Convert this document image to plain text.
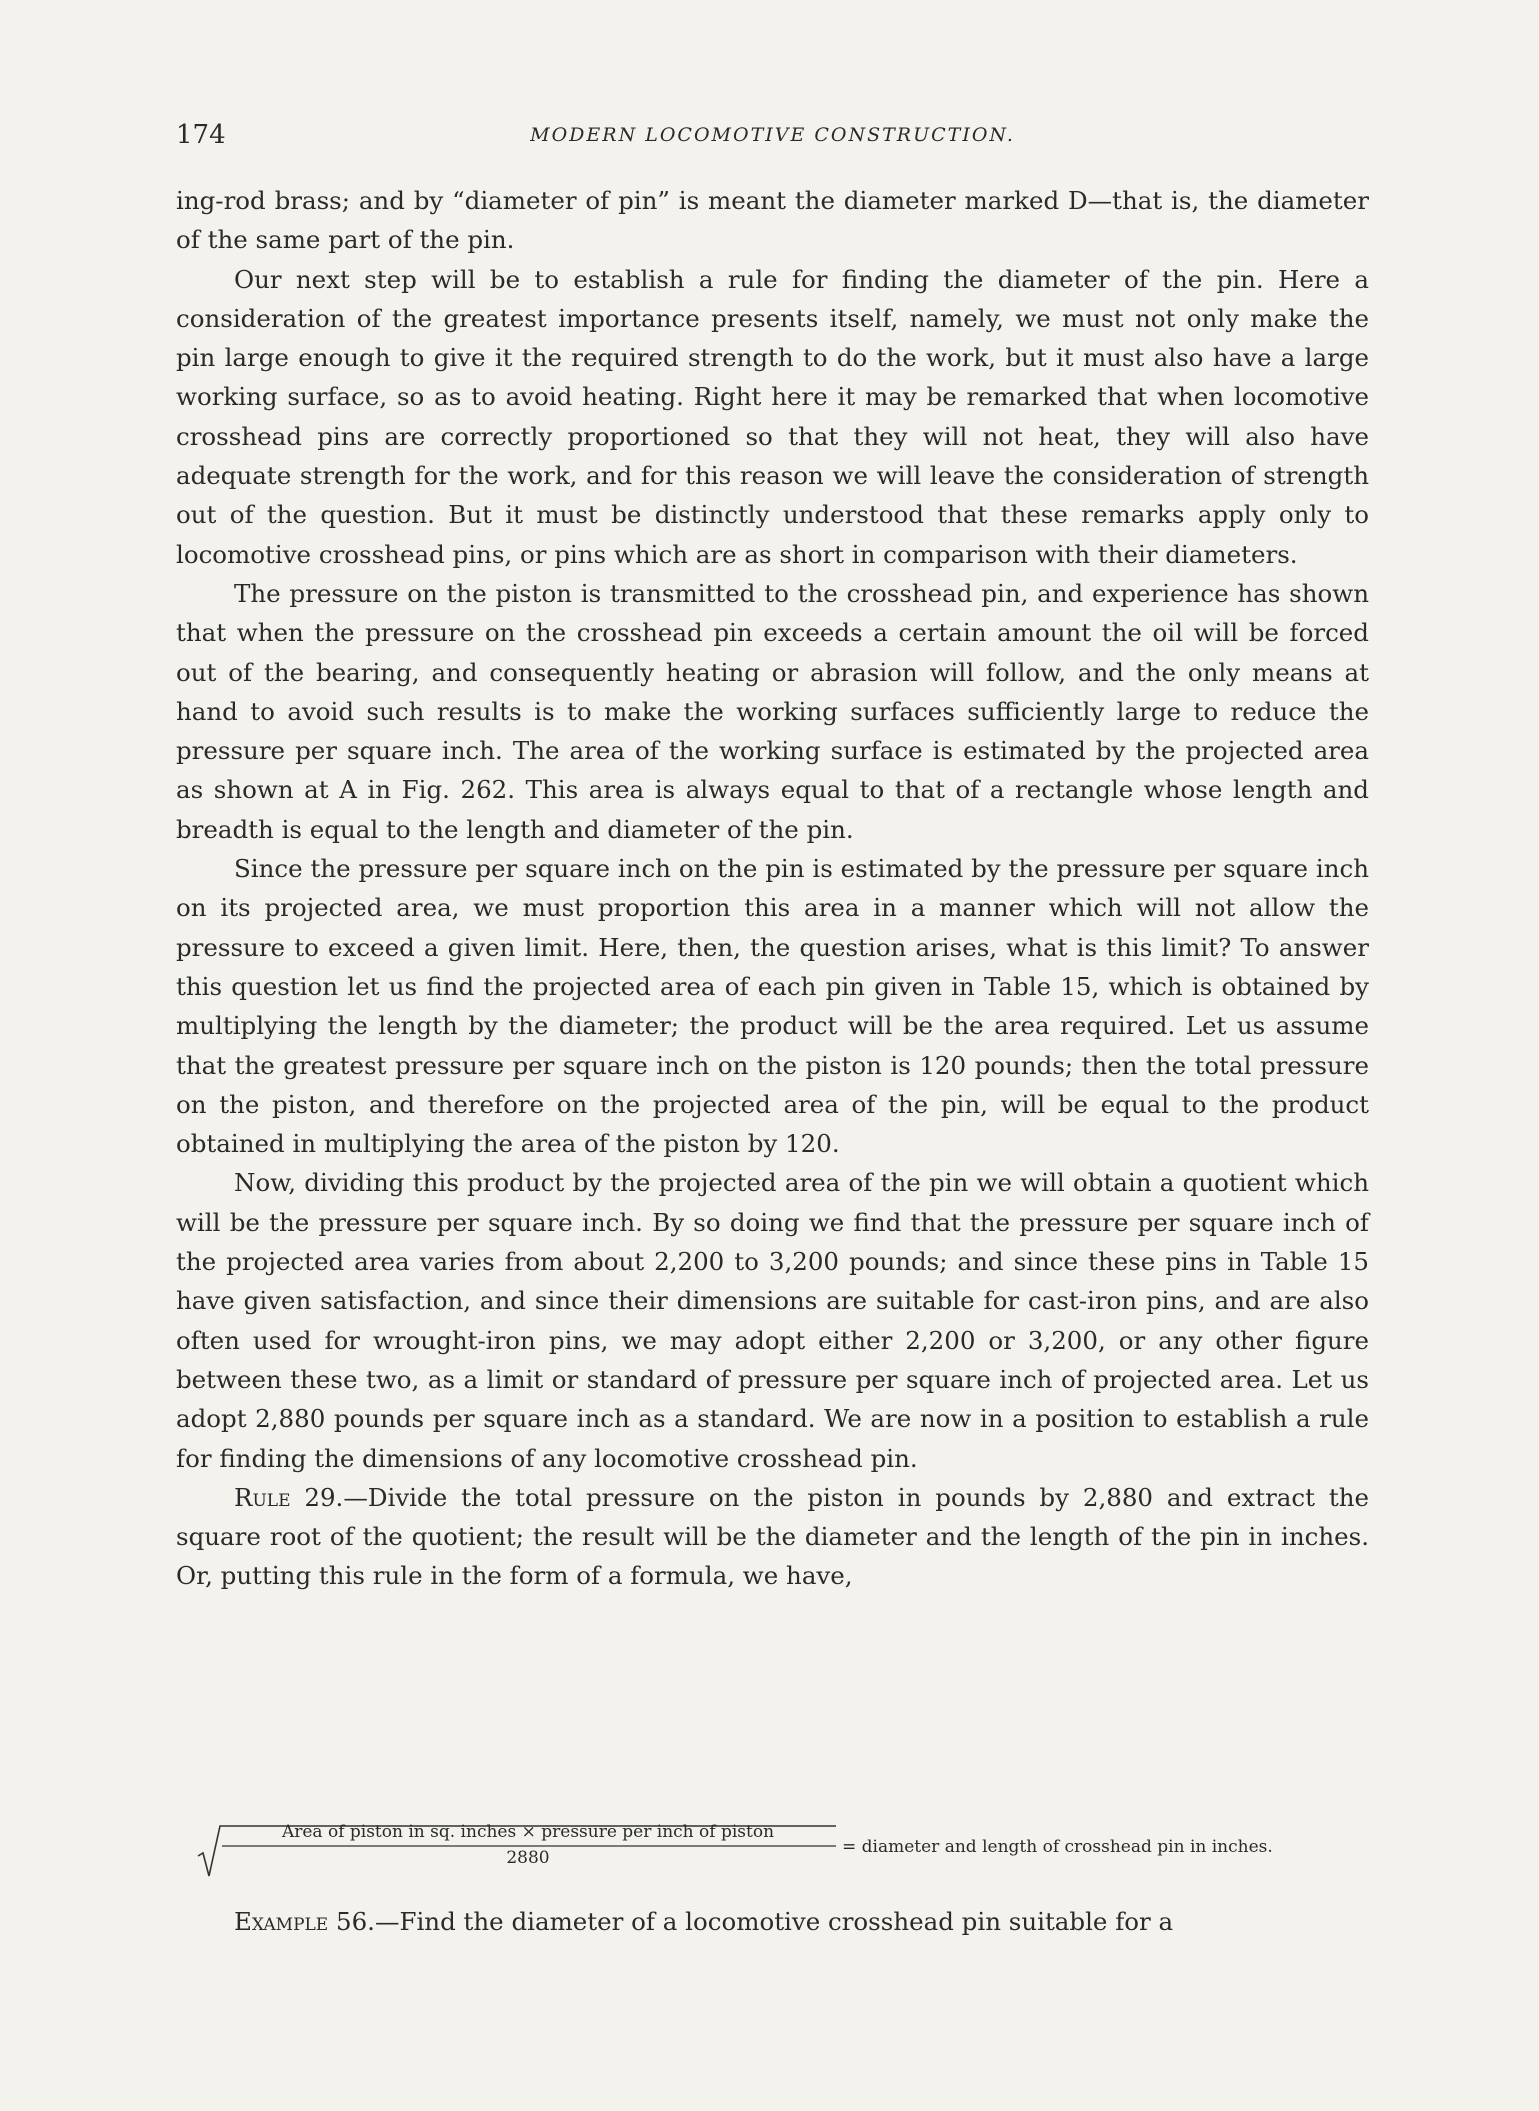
174	MODERN LOCOMOTIVE CONSTRUCTION.

ing-rod brass; and by “diameter of pin” is meant the diameter marked D—that is, the diameter of the same part of the pin.

Our next step will be to establish a rule for finding the diameter of the pin. Here a consideration of the greatest importance presents itself, namely, we must not only make the pin large enough to give it the required strength to do the work, but it must also have a large working surface, so as to avoid heating. Right here it may be remarked that when locomotive crosshead pins are correctly proportioned so that they will not heat, they will also have adequate strength for the work, and for this reason we will leave the consideration of strength out of the question. But it must be distinctly understood that these remarks apply only to locomotive crosshead pins, or pins which are as short in comparison with their diameters.

The pressure on the piston is transmitted to the crosshead pin, and experience has shown that when the pressure on the crosshead pin exceeds a certain amount the oil will be forced out of the bearing, and consequently heating or abrasion will follow, and the only means at hand to avoid such results is to make the working surfaces sufficiently large to reduce the pressure per square inch. The area of the working surface is estimated by the projected area as shown at A in Fig. 262. This area is always equal to that of a rectangle whose length and breadth is equal to the length and diameter of the pin.

Since the pressure per square inch on the pin is estimated by the pressure per square inch on its projected area, we must proportion this area in a manner which will not allow the pressure to exceed a given limit. Here, then, the question arises, what is this limit? To answer this question let us find the projected area of each pin given in Table 15, which is obtained by multiplying the length by the diameter; the product will be the area required. Let us assume that the greatest pressure per square inch on the piston is 120 pounds; then the total pressure on the piston, and therefore on the projected area of the pin, will be equal to the product obtained in multiplying the area of the piston by 120.

Now, dividing this product by the projected area of the pin we will obtain a quotient which will be the pressure per square inch. By so doing we find that the pressure per square inch of the projected area varies from about 2,200 to 3,200 pounds; and since these pins in Table 15 have given satisfaction, and since their dimensions are suitable for cast-iron pins, and are also often used for wrought-iron pins, we may adopt either 2,200 or 3,200, or any other figure between these two, as a limit or standard of pressure per square inch of projected area. Let us adopt 2,880 pounds per square inch as a standard. We are now in a position to establish a rule for finding the dimensions of any locomotive crosshead pin.

Rule 29.—Divide the total pressure on the piston in pounds by 2,880 and extract the square root of the quotient; the result will be the diameter and the length of the pin in inches. Or, putting this rule in the form of a formula, we have,

Area of piston in sq. inches × pressure per inch of piston
2880
= diameter and length of crosshead pin in inches.
Example 56.—Find the diameter of a locomotive crosshead pin suitable for a
